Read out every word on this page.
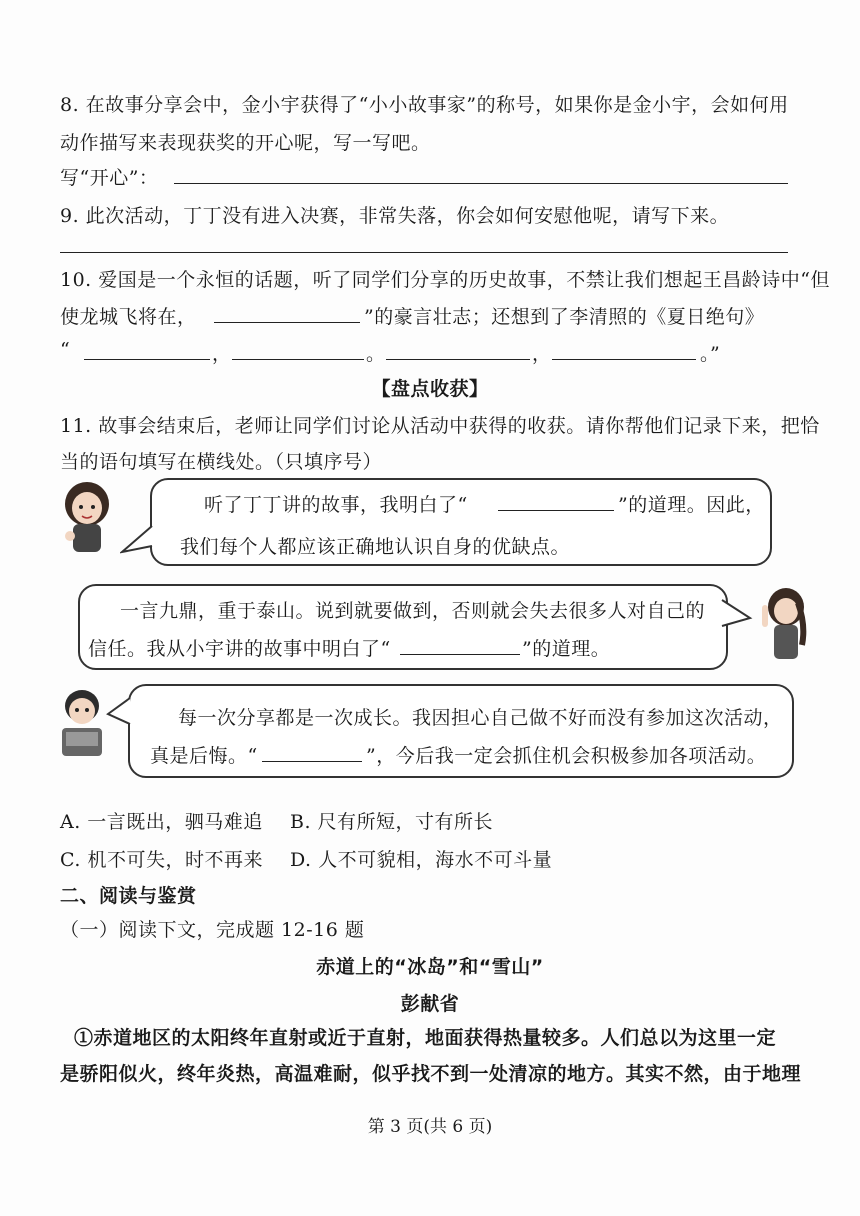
8. 在故事分享会中，金小宇获得了“小小故事家”的称号，如果你是金小宇，会如何用
动作描写来表现获奖的开心呢，写一写吧。
写“开心”：
9. 此次活动，丁丁没有进入决赛，非常失落，你会如何安慰他呢，请写下来。
10. 爱国是一个永恒的话题，听了同学们分享的历史故事，不禁让我们想起王昌龄诗中“但
使龙城飞将在，	”的豪言壮志；还想到了李清照的《夏日绝句》
“	，	。	，	。”
【盘点收获】
11. 故事会结束后，老师让同学们讨论从活动中获得的收获。请你帮他们记录下来，把恰
当的语句填写在横线处。（只填序号）
听了丁丁讲的故事，我明白了“	”的道理。因此，
我们每个人都应该正确地认识自身的优缺点。
一言九鼎，重于泰山。说到就要做到，否则就会失去很多人对自己的
信任。我从小宇讲的故事中明白了“	”的道理。
每一次分享都是一次成长。我因担心自己做不好而没有参加这次活动，
真是后悔。“	”，今后我一定会抓住机会积极参加各项活动。
A. 一言既出，驷马难追 B. 尺有所短，寸有所长
C. 机不可失，时不再来 D. 人不可貌相，海水不可斗量
二、阅读与鉴赏
（一）阅读下文，完成题 12-16 题
赤道上的“冰岛”和“雪山”
彭献省
①赤道地区的太阳终年直射或近于直射，地面获得热量较多。人们总以为这里一定
是骄阳似火，终年炎热，高温难耐，似乎找不到一处清凉的地方。其实不然，由于地理
第 3 页(共 6 页)
